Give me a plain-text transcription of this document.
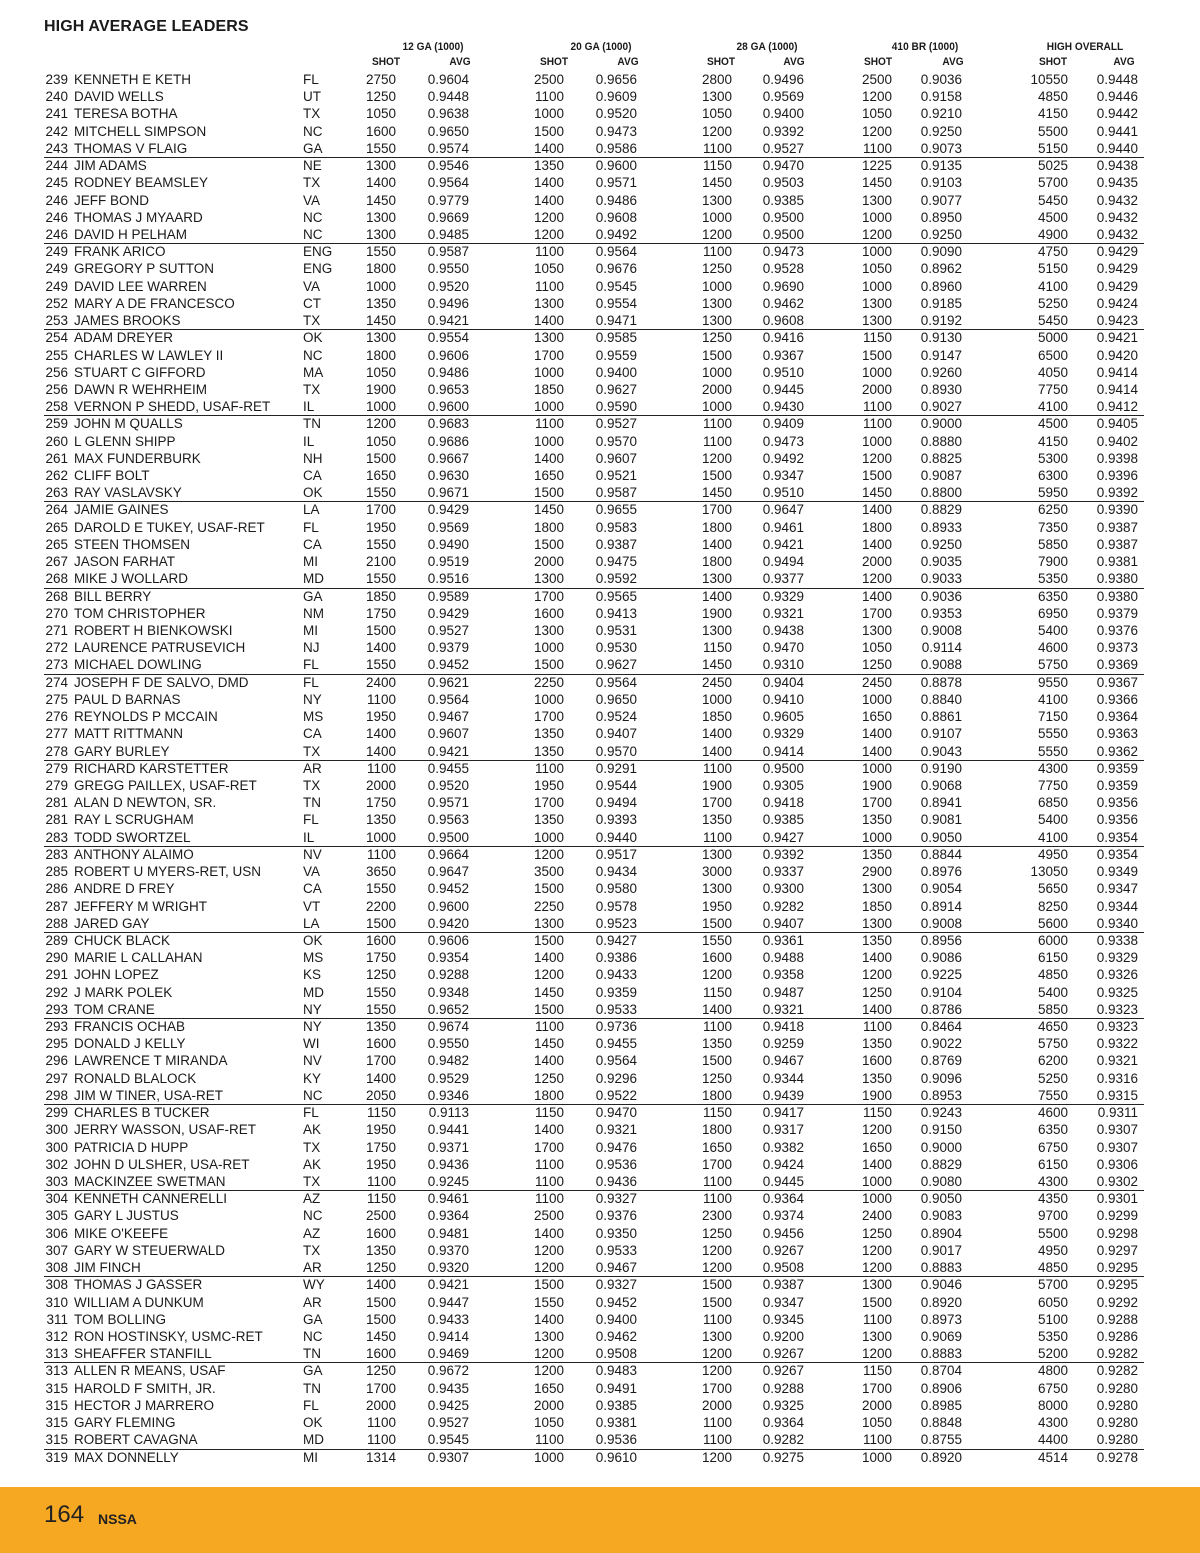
HIGH AVERAGE LEADERS
12 GA (1000)	20 GA (1000)	28 GA (1000)	410 BR (1000)	HIGH OVERALL
SHOT	AVG	SHOT	AVG	SHOT	AVG	SHOT	AVG	SHOT	AVG
239 KENNETH E KETH	FL	2750	0.9604	2500	0.9656	2800	0.9496	2500	0.9036	10550	0.9448
240 DAVID WELLS	UT	1250	0.9448	1100	0.9609	1300	0.9569	1200	0.9158	4850	0.9446
241 TERESA BOTHA	TX	1050	0.9638	1000	0.9520	1050	0.9400	1050	0.9210	4150	0.9442
242 MITCHELL SIMPSON	NC	1600	0.9650	1500	0.9473	1200	0.9392	1200	0.9250	5500	0.9441
243 THOMAS V FLAIG	GA	1550	0.9574	1400	0.9586	1100	0.9527	1100	0.9073	5150	0.9440
244 JIM ADAMS	NE	1300	0.9546	1350	0.9600	1150	0.9470	1225	0.9135	5025	0.9438
245 RODNEY BEAMSLEY	TX	1400	0.9564	1400	0.9571	1450	0.9503	1450	0.9103	5700	0.9435
246 JEFF BOND	VA	1450	0.9779	1400	0.9486	1300	0.9385	1300	0.9077	5450	0.9432
246 THOMAS J MYAARD	NC	1300	0.9669	1200	0.9608	1000	0.9500	1000	0.8950	4500	0.9432
246 DAVID H PELHAM	NC	1300	0.9485	1200	0.9492	1200	0.9500	1200	0.9250	4900	0.9432
249 FRANK ARICO	ENG	1550	0.9587	1100	0.9564	1100	0.9473	1000	0.9090	4750	0.9429
249 GREGORY P SUTTON	ENG	1800	0.9550	1050	0.9676	1250	0.9528	1050	0.8962	5150	0.9429
249 DAVID LEE WARREN	VA	1000	0.9520	1100	0.9545	1000	0.9690	1000	0.8960	4100	0.9429
252 MARY A DE FRANCESCO	CT	1350	0.9496	1300	0.9554	1300	0.9462	1300	0.9185	5250	0.9424
253 JAMES BROOKS	TX	1450	0.9421	1400	0.9471	1300	0.9608	1300	0.9192	5450	0.9423
254 ADAM DREYER	OK	1300	0.9554	1300	0.9585	1250	0.9416	1150	0.9130	5000	0.9421
255 CHARLES W LAWLEY II	NC	1800	0.9606	1700	0.9559	1500	0.9367	1500	0.9147	6500	0.9420
256 STUART C GIFFORD	MA	1050	0.9486	1000	0.9400	1000	0.9510	1000	0.9260	4050	0.9414
256 DAWN R WEHRHEIM	TX	1900	0.9653	1850	0.9627	2000	0.9445	2000	0.8930	7750	0.9414
258 VERNON P SHEDD, USAF-RET IL	1000	0.9600	1000	0.9590	1000	0.9430	1100	0.9027	4100	0.9412
259 JOHN M QUALLS	TN	1200	0.9683	1100	0.9527	1100	0.9409	1100	0.9000	4500	0.9405
260 L GLENN SHIPP	IL	1050	0.9686	1000	0.9570	1100	0.9473	1000	0.8880	4150	0.9402
261 MAX FUNDERBURK	NH	1500	0.9667	1400	0.9607	1200	0.9492	1200	0.8825	5300	0.9398
262 CLIFF BOLT	CA	1650	0.9630	1650	0.9521	1500	0.9347	1500	0.9087	6300	0.9396
263 RAY VASLAVSKY	OK	1550	0.9671	1500	0.9587	1450	0.9510	1450	0.8800	5950	0.9392
264 JAMIE GAINES	LA	1700	0.9429	1450	0.9655	1700	0.9647	1400	0.8829	6250	0.9390
265 DAROLD E TUKEY, USAF-RET	FL	1950	0.9569	1800	0.9583	1800	0.9461	1800	0.8933	7350	0.9387
265 STEEN THOMSEN	CA	1550	0.9490	1500	0.9387	1400	0.9421	1400	0.9250	5850	0.9387
267 JASON FARHAT	MI	2100	0.9519	2000	0.9475	1800	0.9494	2000	0.9035	7900	0.9381
268 MIKE J WOLLARD	MD	1550	0.9516	1300	0.9592	1300	0.9377	1200	0.9033	5350	0.9380
268 BILL BERRY	GA	1850	0.9589	1700	0.9565	1400	0.9329	1400	0.9036	6350	0.9380
270 TOM CHRISTOPHER	NM	1750	0.9429	1600	0.9413	1900	0.9321	1700	0.9353	6950	0.9379
271 ROBERT H BIENKOWSKI	MI	1500	0.9527	1300	0.9531	1300	0.9438	1300	0.9008	5400	0.9376
272 LAURENCE PATRUSEVICH	NJ	1400	0.9379	1000	0.9530	1150	0.9470	1050	0.9114	4600	0.9373
273 MICHAEL DOWLING	FL	1550	0.9452	1500	0.9627	1450	0.9310	1250	0.9088	5750	0.9369
274 JOSEPH F DE SALVO, DMD	FL	2400	0.9621	2250	0.9564	2450	0.9404	2450	0.8878	9550	0.9367
275 PAUL D BARNAS	NY	1100	0.9564	1000	0.9650	1000	0.9410	1000	0.8840	4100	0.9366
276 REYNOLDS P MCCAIN	MS	1950	0.9467	1700	0.9524	1850	0.9605	1650	0.8861	7150	0.9364
277 MATT RITTMANN	CA	1400	0.9607	1350	0.9407	1400	0.9329	1400	0.9107	5550	0.9363
278 GARY BURLEY	TX	1400	0.9421	1350	0.9570	1400	0.9414	1400	0.9043	5550	0.9362
279 RICHARD KARSTETTER	AR	1100	0.9455	1100	0.9291	1100	0.9500	1000	0.9190	4300	0.9359
279 GREGG PAILLEX, USAF-RET	TX	2000	0.9520	1950	0.9544	1900	0.9305	1900	0.9068	7750	0.9359
281 ALAN D NEWTON, SR.	TN	1750	0.9571	1700	0.9494	1700	0.9418	1700	0.8941	6850	0.9356
281 RAY L SCRUGHAM	FL	1350	0.9563	1350	0.9393	1350	0.9385	1350	0.9081	5400	0.9356
283 TODD SWORTZEL	IL	1000	0.9500	1000	0.9440	1100	0.9427	1000	0.9050	4100	0.9354
283 ANTHONY ALAIMO	NV	1100	0.9664	1200	0.9517	1300	0.9392	1350	0.8844	4950	0.9354
285 ROBERT U MYERS-RET, USN	VA	3650	0.9647	3500	0.9434	3000	0.9337	2900	0.8976	13050	0.9349
286 ANDRE D FREY	CA	1550	0.9452	1500	0.9580	1300	0.9300	1300	0.9054	5650	0.9347
287 JEFFERY M WRIGHT	VT	2200	0.9600	2250	0.9578	1950	0.9282	1850	0.8914	8250	0.9344
288 JARED GAY	LA	1500	0.9420	1300	0.9523	1500	0.9407	1300	0.9008	5600	0.9340
289 CHUCK BLACK	OK	1600	0.9606	1500	0.9427	1550	0.9361	1350	0.8956	6000	0.9338
290 MARIE L CALLAHAN	MS	1750	0.9354	1400	0.9386	1600	0.9488	1400	0.9086	6150	0.9329
291 JOHN LOPEZ	KS	1250	0.9288	1200	0.9433	1200	0.9358	1200	0.9225	4850	0.9326
292 J MARK POLEK	MD	1550	0.9348	1450	0.9359	1150	0.9487	1250	0.9104	5400	0.9325
293 TOM CRANE	NY	1550	0.9652	1500	0.9533	1400	0.9321	1400	0.8786	5850	0.9323
293 FRANCIS OCHAB	NY	1350	0.9674	1100	0.9736	1100	0.9418	1100	0.8464	4650	0.9323
295 DONALD J KELLY	WI	1600	0.9550	1450	0.9455	1350	0.9259	1350	0.9022	5750	0.9322
296 LAWRENCE T MIRANDA	NV	1700	0.9482	1400	0.9564	1500	0.9467	1600	0.8769	6200	0.9321
297 RONALD BLALOCK	KY	1400	0.9529	1250	0.9296	1250	0.9344	1350	0.9096	5250	0.9316
298 JIM W TINER, USA-RET	NC	2050	0.9346	1800	0.9522	1800	0.9439	1900	0.8953	7550	0.9315
299 CHARLES B TUCKER	FL	1150	0.9113	1150	0.9470	1150	0.9417	1150	0.9243	4600	0.9311
300 JERRY WASSON, USAF-RET	AK	1950	0.9441	1400	0.9321	1800	0.9317	1200	0.9150	6350	0.9307
300 PATRICIA D HUPP	TX	1750	0.9371	1700	0.9476	1650	0.9382	1650	0.9000	6750	0.9307
302 JOHN D ULSHER, USA-RET	AK	1950	0.9436	1100	0.9536	1700	0.9424	1400	0.8829	6150	0.9306
303 MACKINZEE SWETMAN	TX	1100	0.9245	1100	0.9436	1100	0.9445	1000	0.9080	4300	0.9302
304 KENNETH CANNERELLI	AZ	1150	0.9461	1100	0.9327	1100	0.9364	1000	0.9050	4350	0.9301
305 GARY L JUSTUS	NC	2500	0.9364	2500	0.9376	2300	0.9374	2400	0.9083	9700	0.9299
306 MIKE O'KEEFE	AZ	1600	0.9481	1400	0.9350	1250	0.9456	1250	0.8904	5500	0.9298
307 GARY W STEUERWALD	TX	1350	0.9370	1200	0.9533	1200	0.9267	1200	0.9017	4950	0.9297
308 JIM FINCH	AR	1250	0.9320	1200	0.9467	1200	0.9508	1200	0.8883	4850	0.9295
308 THOMAS J GASSER	WY	1400	0.9421	1500	0.9327	1500	0.9387	1300	0.9046	5700	0.9295
310 WILLIAM A DUNKUM	AR	1500	0.9447	1550	0.9452	1500	0.9347	1500	0.8920	6050	0.9292
311 TOM BOLLING	GA	1500	0.9433	1400	0.9400	1100	0.9345	1100	0.8973	5100	0.9288
312 RON HOSTINSKY, USMC-RET	NC	1450	0.9414	1300	0.9462	1300	0.9200	1300	0.9069	5350	0.9286
313 SHEAFFER STANFILL	TN	1600	0.9469	1200	0.9508	1200	0.9267	1200	0.8883	5200	0.9282
313 ALLEN R MEANS, USAF	GA	1250	0.9672	1200	0.9483	1200	0.9267	1150	0.8704	4800	0.9282
315 HAROLD F SMITH, JR.	TN	1700	0.9435	1650	0.9491	1700	0.9288	1700	0.8906	6750	0.9280
315 HECTOR J MARRERO	FL	2000	0.9425	2000	0.9385	2000	0.9325	2000	0.8985	8000	0.9280
315 GARY FLEMING	OK	1100	0.9527	1050	0.9381	1100	0.9364	1050	0.8848	4300	0.9280
315 ROBERT CAVAGNA	MD	1100	0.9545	1100	0.9536	1100	0.9282	1100	0.8755	4400	0.9280
319 MAX DONNELLY	MI	1314	0.9307	1000	0.9610	1200	0.9275	1000	0.8920	4514	0.9278
164 NSSA
